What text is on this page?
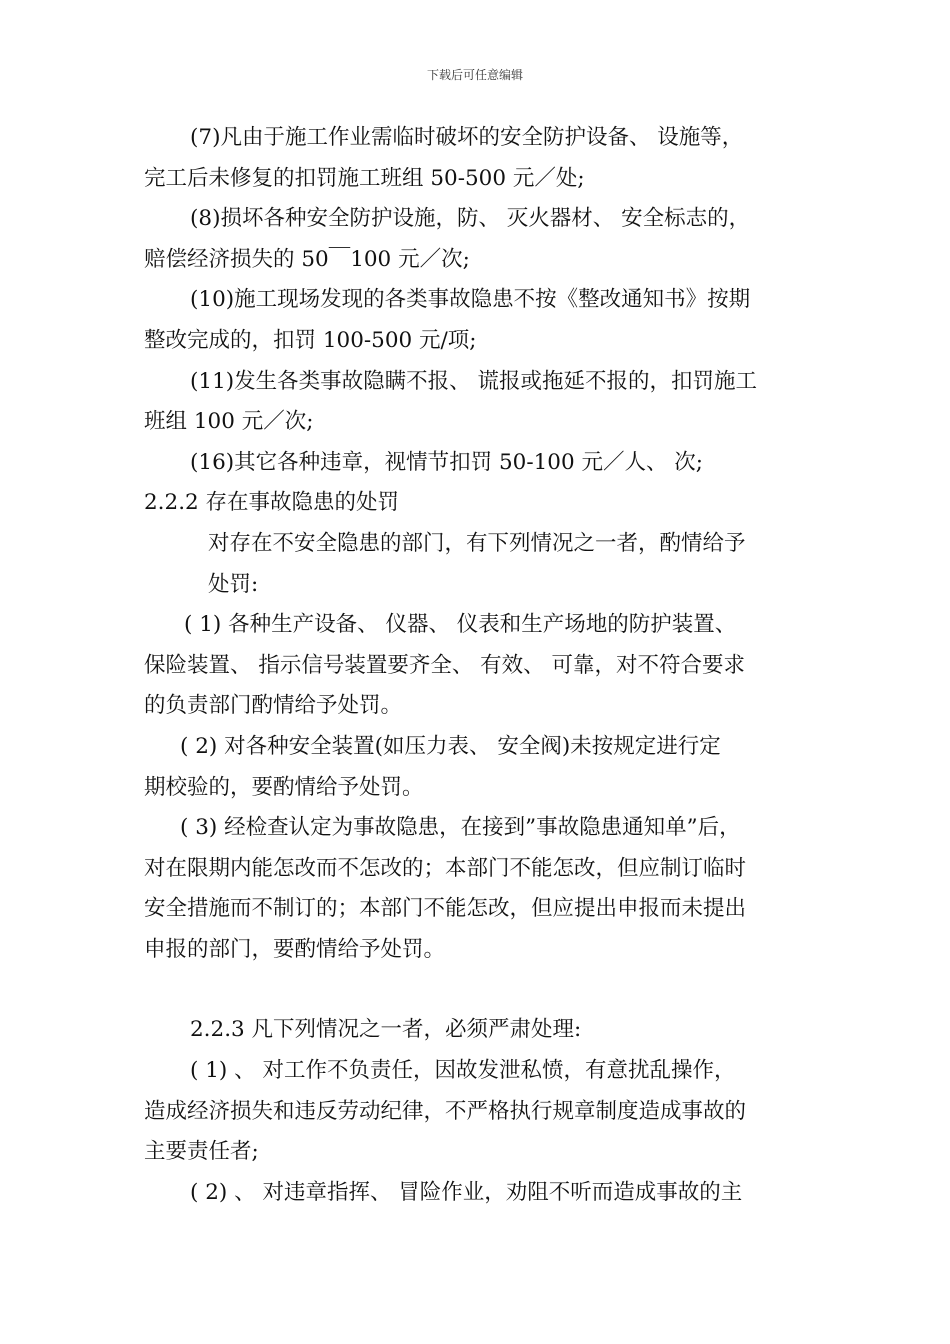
下载后可任意编辑
(7)凡由于施工作业需临时破坏的安全防护设备、 设施等，
完工后未修复的扣罚施工班组 50-500 元／处;
(8)损坏各种安全防护设施，防、 灭火器材、 安全标志的，
赔偿经济损失的 50￣100 元／次;
(10)施工现场发现的各类事故隐患不按《整改通知书》按期
整改完成的，扣罚 100-500 元/项;
(11)发生各类事故隐瞒不报、 谎报或拖延不报的，扣罚施工
班组 100 元／次;
(16)其它各种违章，视情节扣罚 50-100 元／人、 次;
2.2.2 存在事故隐患的处罚
对存在不安全隐患的部门，有下列情况之一者，酌情给予
处罚:
( 1) 各种生产设备、 仪器、 仪表和生产场地的防护装置、
保险装置、 指示信号装置要齐全、 有效、 可靠，对不符合要求
的负责部门酌情给予处罚。
( 2) 对各种安全装置(如压力表、 安全阀)未按规定进行定
期校验的，要酌情给予处罚。
( 3) 经检查认定为事故隐患，在接到”事故隐患通知单”后，
对在限期内能怎改而不怎改的；本部门不能怎改，但应制订临时
安全措施而不制订的；本部门不能怎改，但应提出申报而未提出
申报的部门，要酌情给予处罚。
2.2.3 凡下列情况之一者，必须严肃处理:
( 1) 、 对工作不负责任，因故发泄私愤，有意扰乱操作，
造成经济损失和违反劳动纪律，不严格执行规章制度造成事故的
主要责任者;
( 2) 、 对违章指挥、 冒险作业，劝阻不听而造成事故的主
